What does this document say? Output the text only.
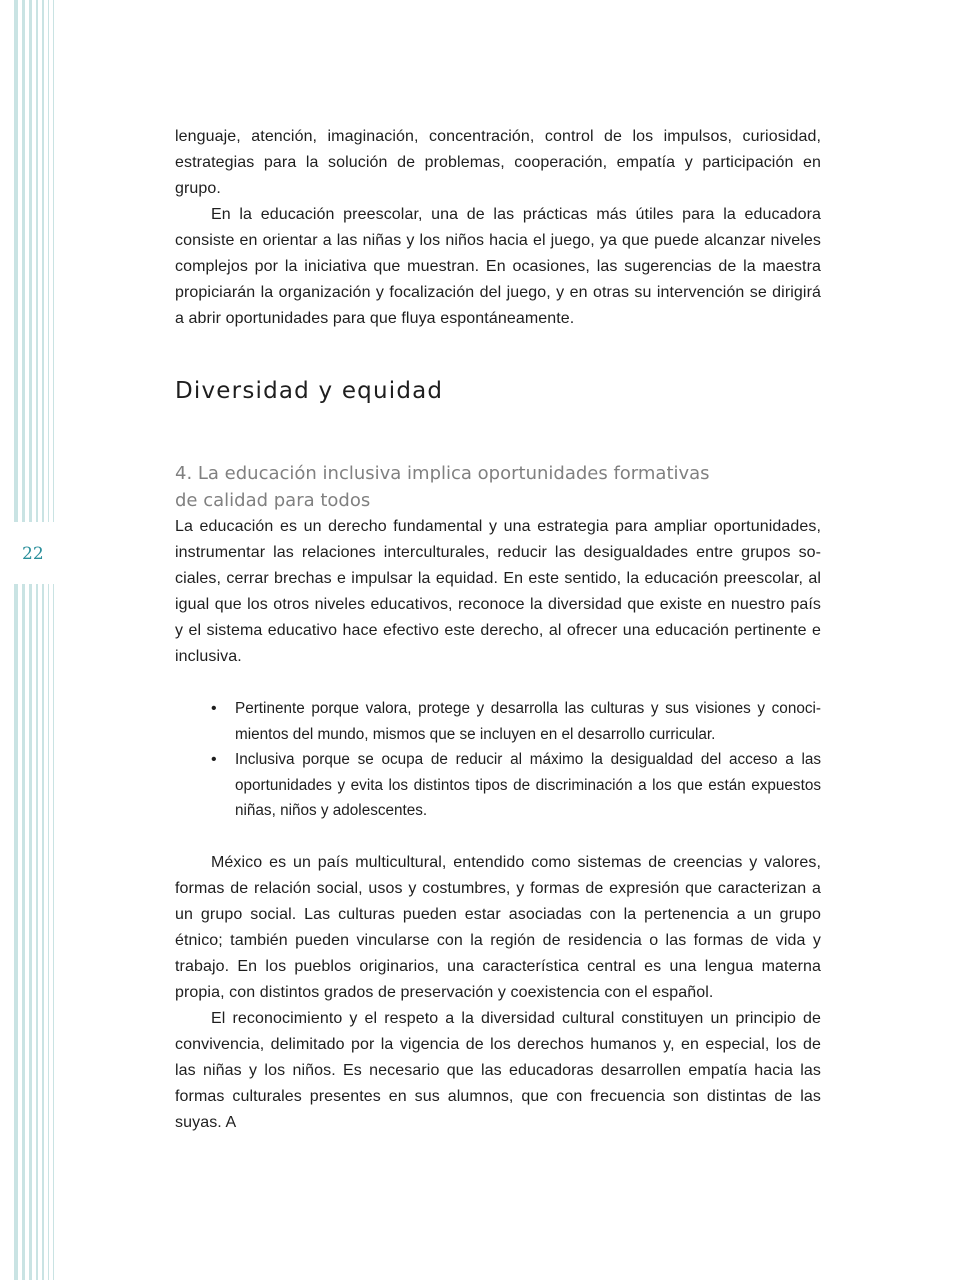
22

lenguaje, atención, imaginación, concentración, control de los impulsos, curiosidad, estrategias para la solución de problemas, cooperación, empatía y participación en grupo.

En la educación preescolar, una de las prácticas más útiles para la educadora consiste en orientar a las niñas y los niños hacia el juego, ya que puede alcanzar niveles complejos por la iniciativa que muestran. En ocasiones, las sugerencias de la maestra propiciarán la organización y focalización del juego, y en otras su intervención se dirigirá a abrir oportunidades para que fluya espontáneamente.

Diversidad y equidad
4. La educación inclusiva implica oportunidades formativas
de calidad para todos

La educación es un derecho fundamental y una estrategia para ampliar oportunidades, instrumentar las relaciones interculturales, reducir las desigualdades entre grupos sociales, cerrar brechas e impulsar la equidad. En este sentido, la educación preescolar, al igual que los otros niveles educativos, reconoce la diversidad que existe en nuestro país y el sistema educativo hace efectivo este derecho, al ofrecer una educación pertinente e inclusiva.

• Pertinente porque valora, protege y desarrolla las culturas y sus visiones y conocimientos del mundo, mismos que se incluyen en el desarrollo curricular.
• Inclusiva porque se ocupa de reducir al máximo la desigualdad del acceso a las oportunidades y evita los distintos tipos de discriminación a los que están expuestos niñas, niños y adolescentes.

México es un país multicultural, entendido como sistemas de creencias y valores, formas de relación social, usos y costumbres, y formas de expresión que caracterizan a un grupo social. Las culturas pueden estar asociadas con la pertenencia a un grupo étnico; también pueden vincularse con la región de residencia o las formas de vida y trabajo. En los pueblos originarios, una característica central es una lengua materna propia, con distintos grados de preservación y coexistencia con el español.

El reconocimiento y el respeto a la diversidad cultural constituyen un principio de convivencia, delimitado por la vigencia de los derechos humanos y, en especial, los de las niñas y los niños. Es necesario que las educadoras desarrollen empatía hacia las formas culturales presentes en sus alumnos, que con frecuencia son distintas de las suyas. A
